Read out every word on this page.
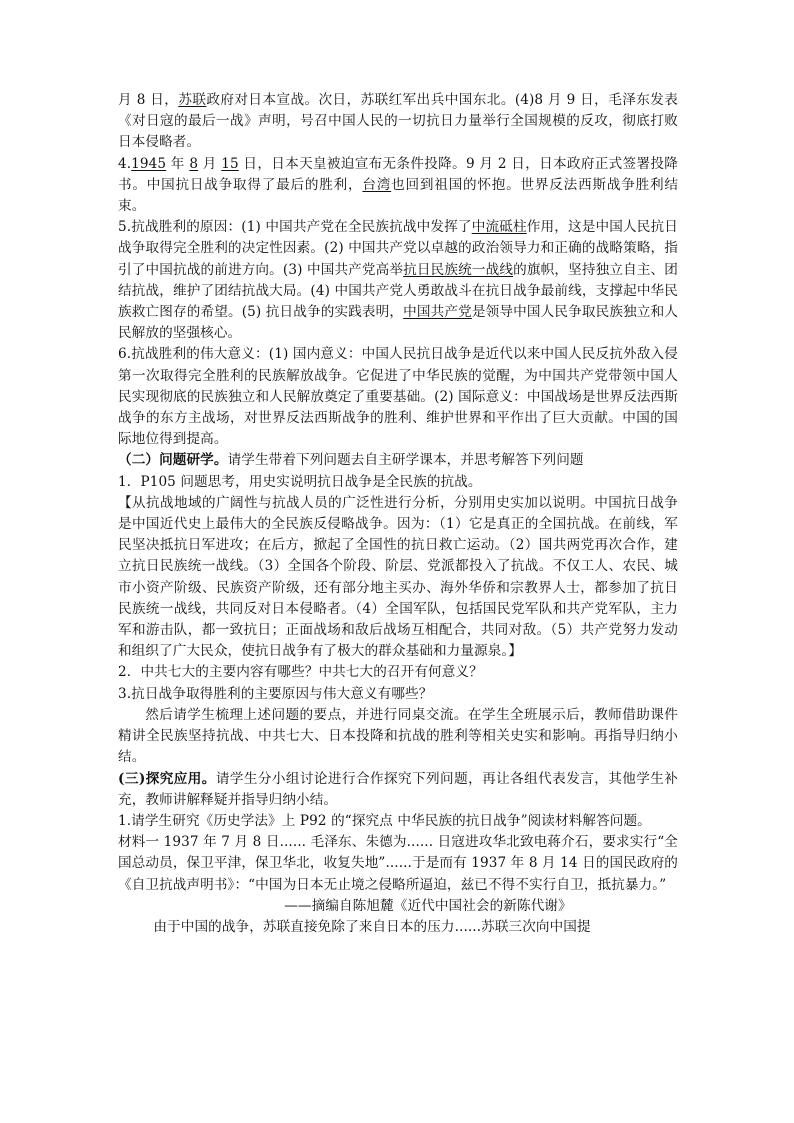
月 8 日，苏联政府对日本宣战。次日，苏联红军出兵中国东北。(4)8 月 9 日，毛泽东发表《对日寇的最后一战》声明，号召中国人民的一切抗日力量举行全国规模的反攻，彻底打败日本侵略者。

4.1945 年 8 月 15 日，日本天皇被迫宣布无条件投降。9 月 2 日，日本政府正式签署投降书。中国抗日战争取得了最后的胜利，台湾也回到祖国的怀抱。世界反法西斯战争胜利结束。

5.抗战胜利的原因：(1) 中国共产党在全民族抗战中发挥了中流砥柱作用，这是中国人民抗日战争取得完全胜利的决定性因素。(2) 中国共产党以卓越的政治领导力和正确的战略策略，指引了中国抗战的前进方向。(3) 中国共产党高举抗日民族统一战线的旗帜，坚持独立自主、团结抗战，维护了团结抗战大局。(4) 中国共产党人勇敢战斗在抗日战争最前线，支撑起中华民族救亡图存的希望。(5) 抗日战争的实践表明，中国共产党是领导中国人民争取民族独立和人民解放的坚强核心。

6.抗战胜利的伟大意义：(1) 国内意义：中国人民抗日战争是近代以来中国人民反抗外敌入侵第一次取得完全胜利的民族解放战争。它促进了中华民族的觉醒，为中国共产党带领中国人民实现彻底的民族独立和人民解放奠定了重要基础。(2) 国际意义：中国战场是世界反法西斯战争的东方主战场，对世界反法西斯战争的胜利、维护世界和平作出了巨大贡献。中国的国际地位得到提高。

（二）问题研学。请学生带着下列问题去自主研学课本，并思考解答下列问题

1．P105 问题思考，用史实说明抗日战争是全民族的抗战。

【从抗战地域的广阔性与抗战人员的广泛性进行分析，分别用史实加以说明。中国抗日战争是中国近代史上最伟大的全民族反侵略战争。因为：（1）它是真正的全国抗战。在前线，军民坚决抵抗日军进攻；在后方，掀起了全国性的抗日救亡运动。（2）国共两党再次合作，建立抗日民族统一战线。（3）全国各个阶段、阶层、党派都投入了抗战。不仅工人、农民、城市小资产阶级、民族资产阶级，还有部分地主买办、海外华侨和宗教界人士，都参加了抗日民族统一战线，共同反对日本侵略者。（4）全国军队，包括国民党军队和共产党军队，主力军和游击队，都一致抗日；正面战场和敌后战场互相配合，共同对敌。（5）共产党努力发动和组织了广大民众，使抗日战争有了极大的群众基础和力量源泉。】

2．中共七大的主要内容有哪些？中共七大的召开有何意义？

3.抗日战争取得胜利的主要原因与伟大意义有哪些？

然后请学生梳理上述问题的要点，并进行同桌交流。在学生全班展示后，教师借助课件精讲全民族坚持抗战、中共七大、日本投降和抗战的胜利等相关史实和影响。再指导归纳小结。

(三)探究应用。请学生分小组讨论进行合作探究下列问题，再让各组代表发言，其他学生补充，教师讲解释疑并指导归纳小结。

1.请学生研究《历史学法》上 P92 的“探究点 中华民族的抗日战争”阅读材料解答问题。

材料一 1937 年 7 月 8 日...... 毛泽东、朱德为...... 日寇进攻华北致电蒋介石，要求实行“全国总动员，保卫平津，保卫华北，收复失地”......于是而有 1937 年 8 月 14 日的国民政府的《自卫抗战声明书》：“中国为日本无止境之侵略所逼迫，兹已不得不实行自卫，抵抗暴力。”

——摘编自陈旭麓《近代中国社会的新陈代谢》

由于中国的战争，苏联直接免除了来自日本的压力......苏联三次向中国提
